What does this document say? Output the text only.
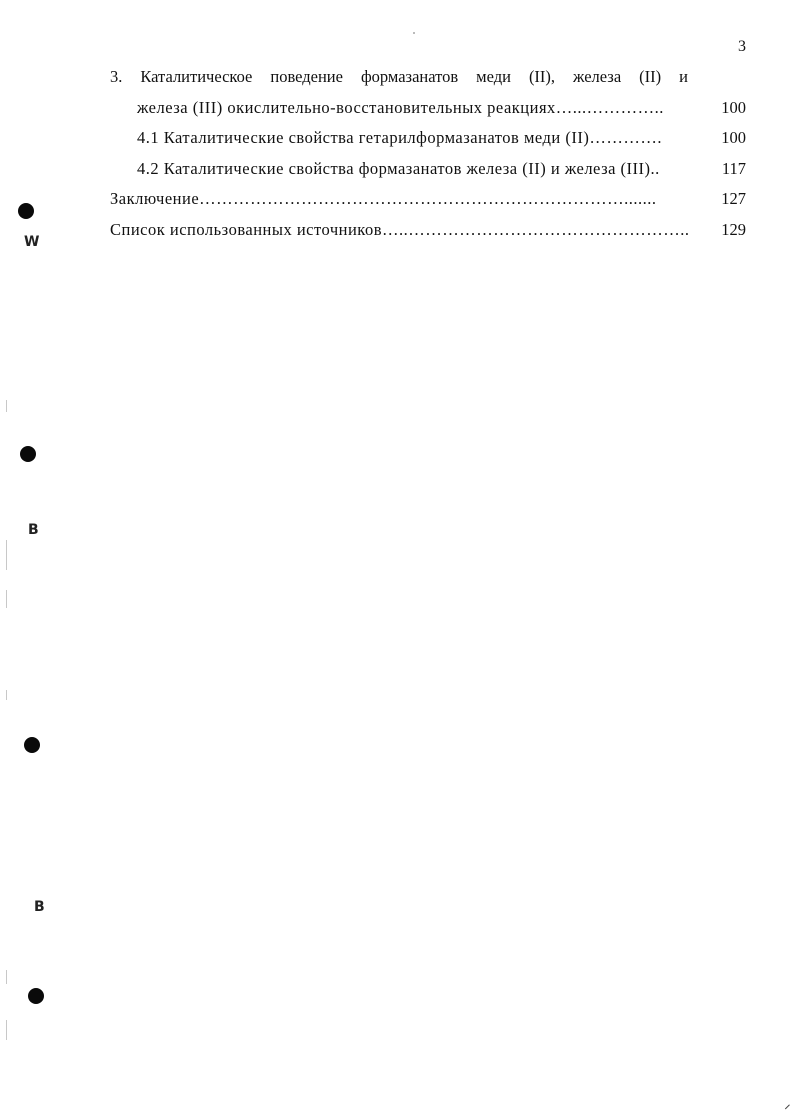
3
3. Каталитическое поведение формазанатов меди (II), железа (II) и
железа (III) окислительно-восстановительных реакциях…...…………..	100
4.1 Каталитические свойства гетарилформазанатов меди (II)………….	100
4.2 Каталитические свойства формазанатов железа (II) и железа (III)..	117
Заключение………………………………………………………………….......	127
Список использованных источников…..………………………………………….. 129
W
B
B
